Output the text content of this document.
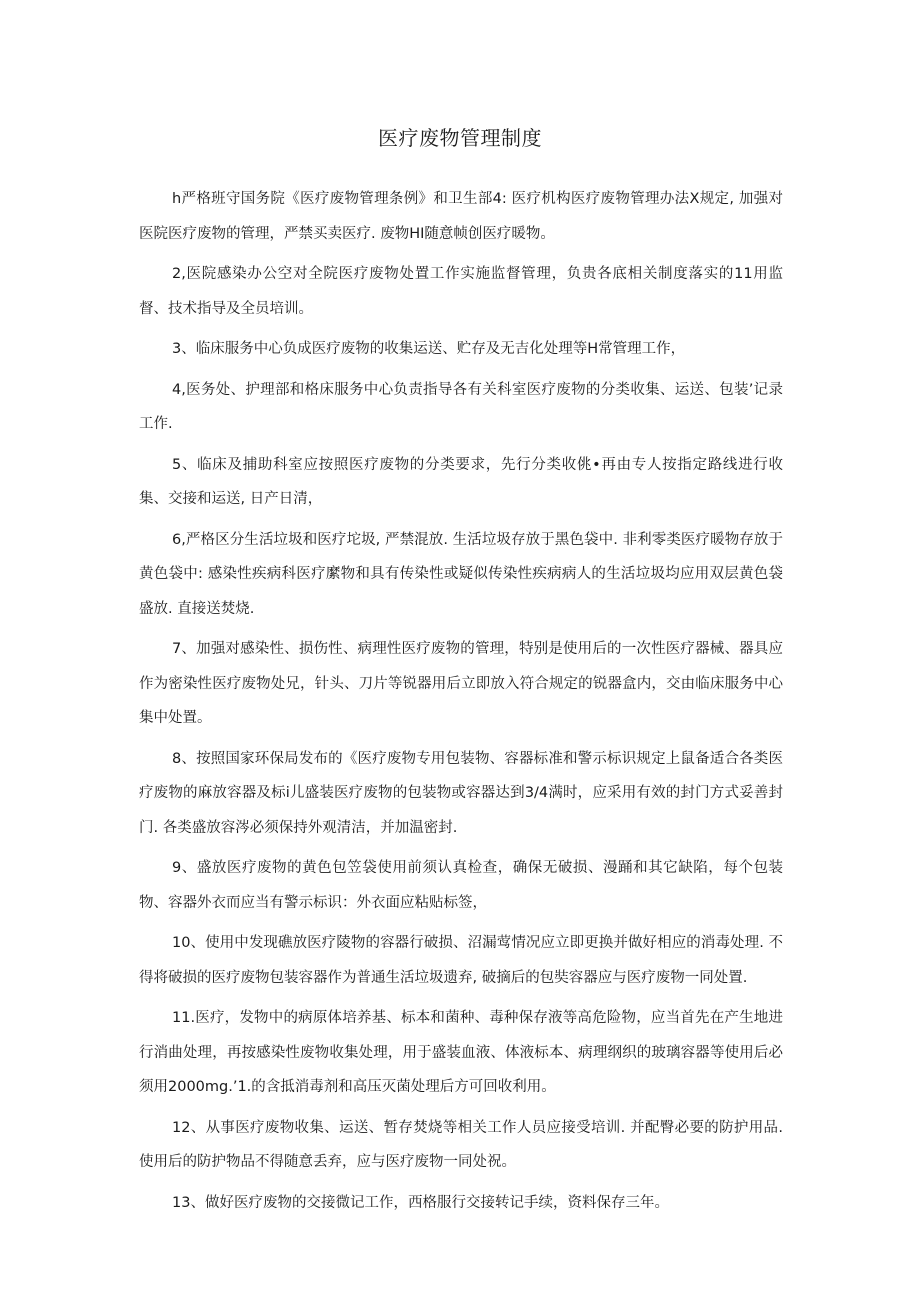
医疗废物管理制度

h严格班守国务院《医疗废物管理条例》和卫生部4: 医疗机构医疗废物管理办法X规定, 加强对医院医疗废物的管理，严禁买卖医疗. 废物HI随意帧创医疗暖物。

2,医院感染办公空对全院医疗废物处置工作实施监督管理，负贵各底相关制度落实的11用监督、技术指导及全员培训。

3、临床服务中心负成医疗废物的收集运送、贮存及无吉化处理等H常管理工作，

4,医务处、护理部和格床服务中心负责指导各有关科室医疗废物的分类收集、运送、包装’记录工作.

5、临床及捕助科室应按照医疗废物的分类要求，先行分类收佻•再由专人按指定路线进行收集、交接和运送, 日产日清，

6,严格区分生活垃圾和医疗坨圾, 严禁混放. 生活垃圾存放于黑色袋中. 非利零类医疗暖物存放于黄色袋中: 感染性疾病科医疗縻物和具有传染性或疑似传染性疾病病人的生活垃圾均应用双层黄色袋盛放. 直接送焚烧.

7、加强对感染性、损伤性、病理性医疗废物的管理，特别是使用后的一次性医疗器械、器具应作为密染性医疗废物处兄，针头、刀片等锐器用后立即放入符合规定的锐器盒内，交由临床服务中心集中处置。

8、按照国家环保局发布的《医疗废物专用包装物、容器标准和警示标识规定上鼠备适合各类医疗废物的麻放容器及标i儿盛装医疗废物的包装物或容器达到3/4满时，应采用有效的封门方式妥善封门. 各类盛放容涔必须保持外观清洁，并加温密封.

9、盛放医疗废物的黄色包笠袋使用前须认真检查，确保无破损、漫踊和其它缺陷，每个包装物、容器外衣而应当有警示标识：外衣面应粘贴标签，

10、使用中发现礁放医疗陵物的容器行破损、沼漏莺情况应立即更换并做好相应的消毒处理. 不得将破损的医疗废物包装容器作为普通生活垃圾遗弃, 破摘后的包奘容器应与医疗废物一同处置.

11.医疗，发物中的病原体培养基、标本和菌种、毒种保存液等高危险物，应当首先在产生地进行消曲处理，再按感染性废物收集处理，用于盛装血液、体液标本、病理纲织的玻璃容器等使用后必须用2000mg.’1.的含抵消毒剂和高压灭菌处理后方可回收利用。

12、从事医疗废物收集、运送、暂存焚烧等相关工作人员应接受培训. 并配臀必要的防护用品. 使用后的防护物品不得随意丢弃，应与医疗废物一同处祝。

13、做好医疗废物的交接微记工作，西格服行交接转记手续，资料保存三年。
